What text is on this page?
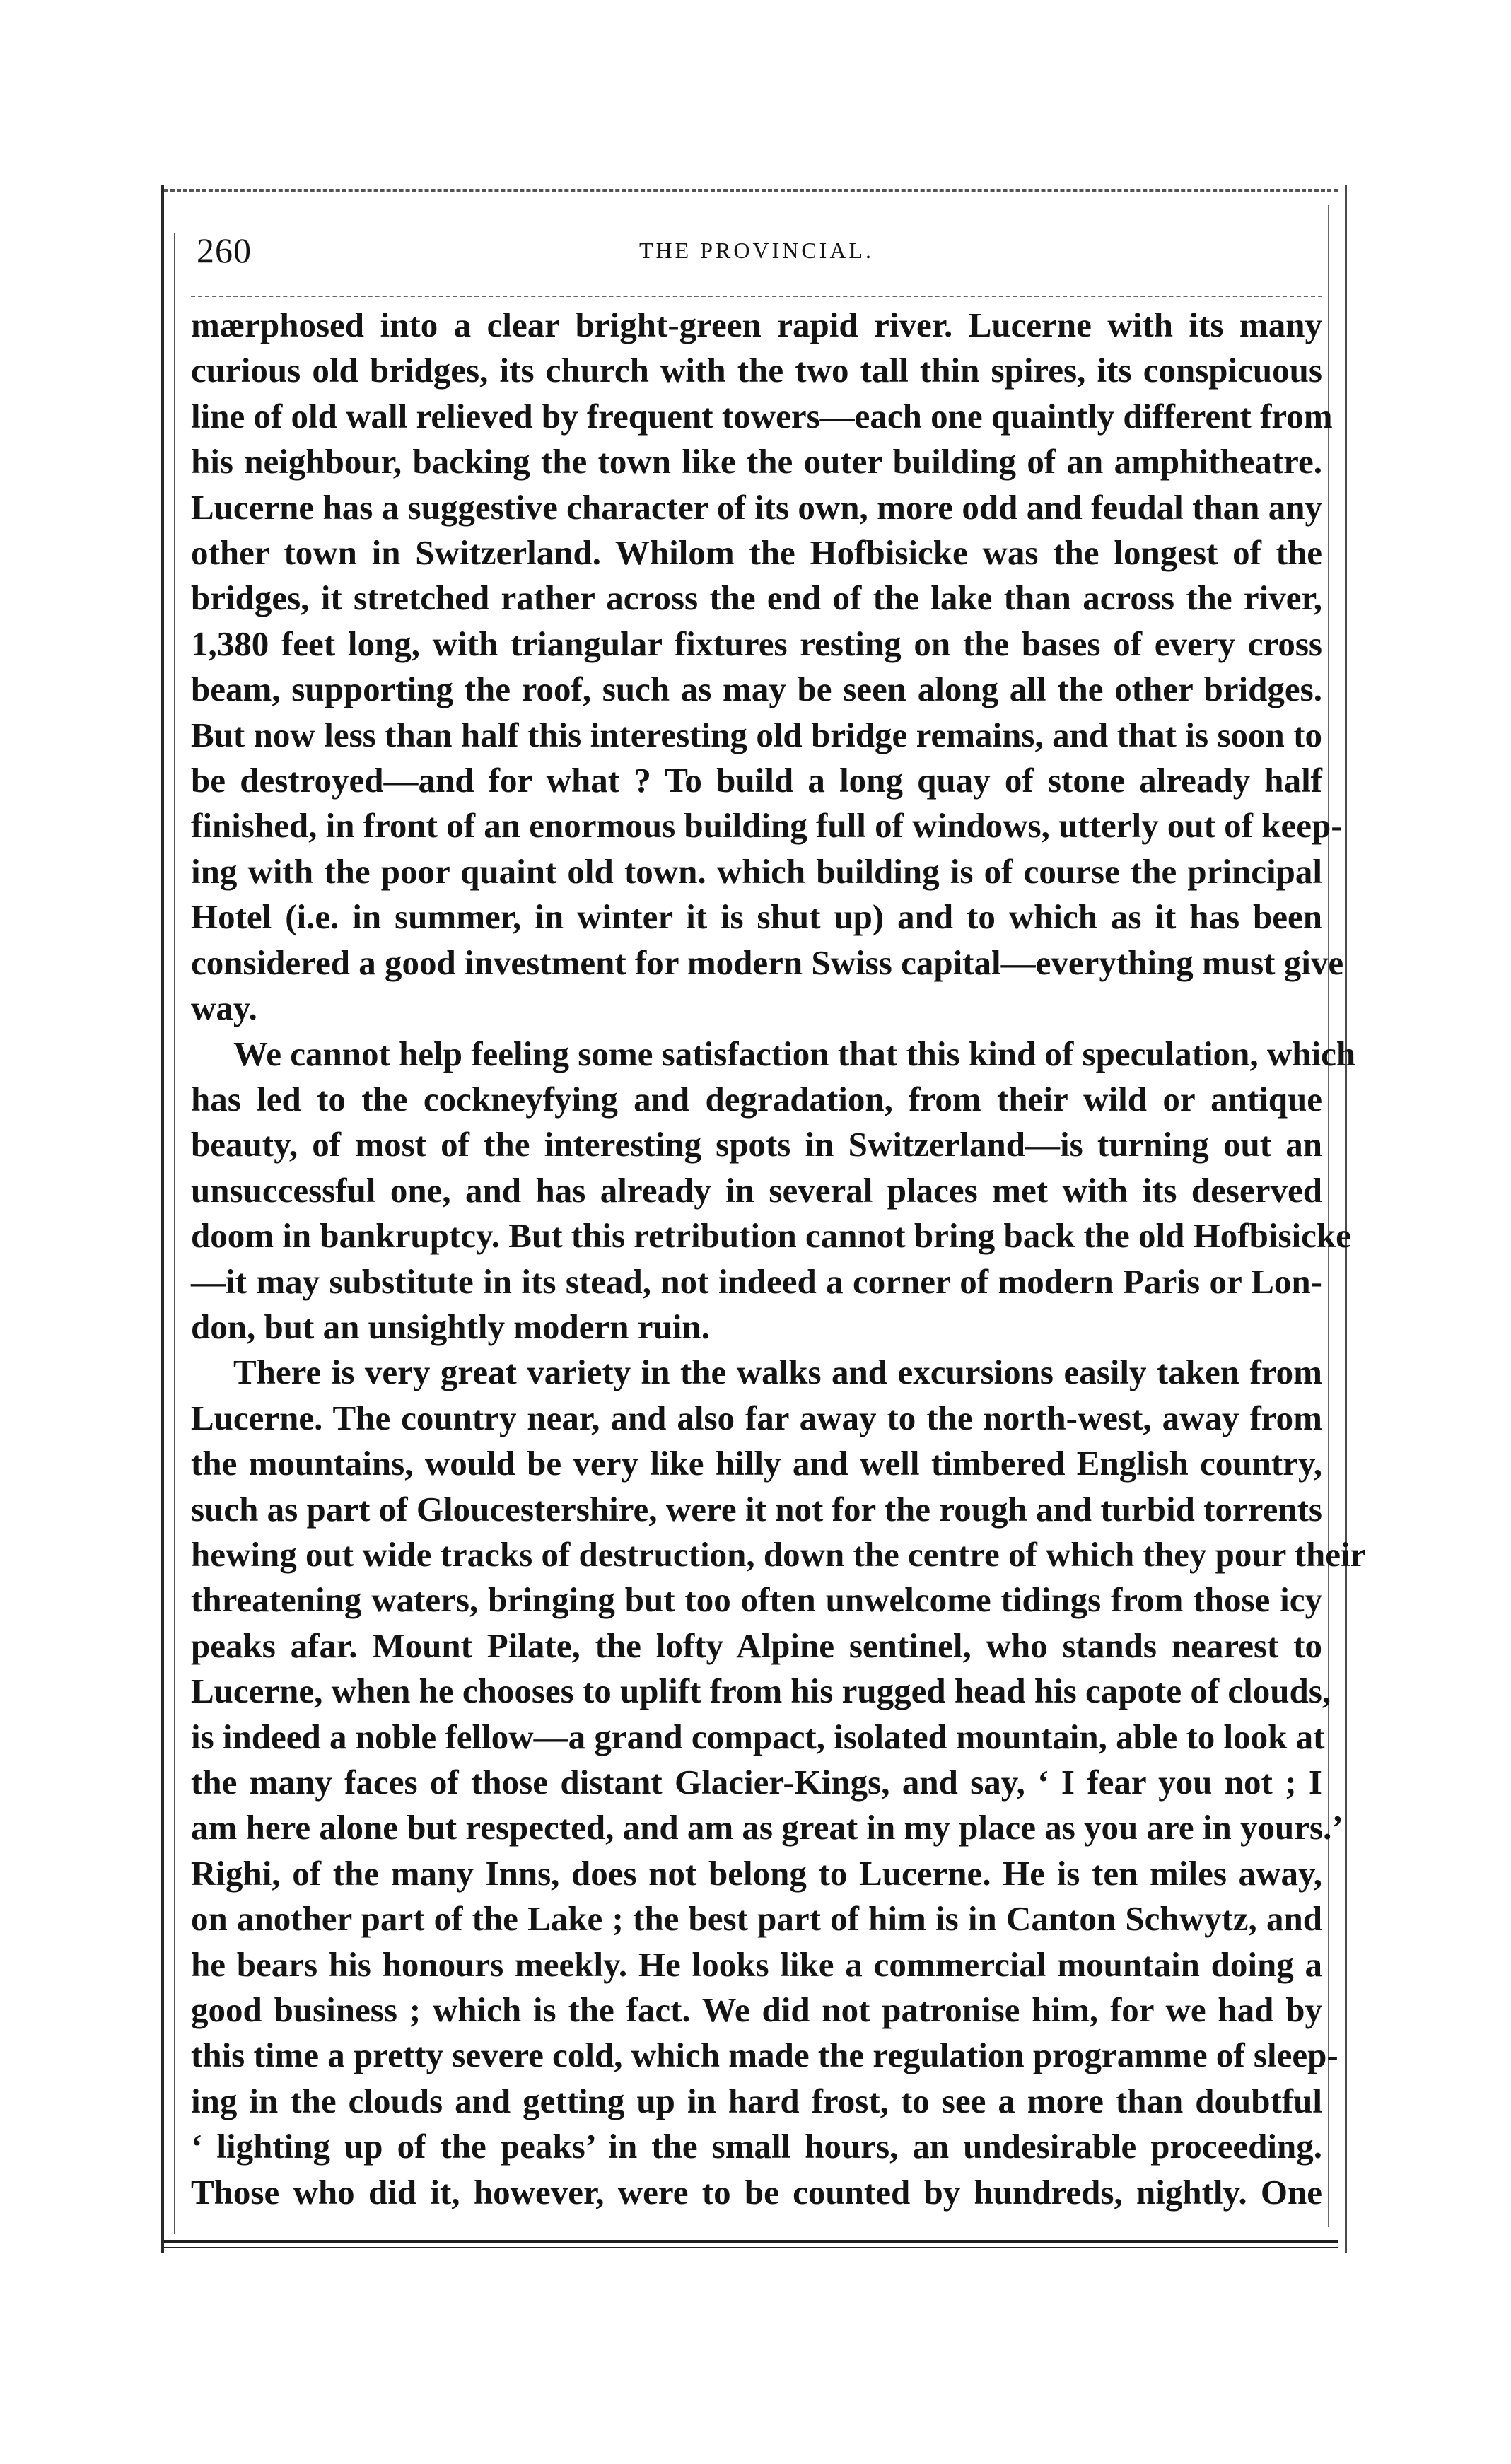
260	THE PROVINCIAL.
mærphosed into a clear bright-green rapid river. Lucerne with its many
curious old bridges, its church with the two tall thin spires, its conspicuous
line of old wall relieved by frequent towers—each one quaintly different from
his neighbour, backing the town like the outer building of an amphitheatre.
Lucerne has a suggestive character of its own, more odd and feudal than any
other town in Switzerland. Whilom the Hofbisicke was the longest of the
bridges, it stretched rather across the end of the lake than across the river,
1,380 feet long, with triangular fixtures resting on the bases of every cross
beam, supporting the roof, such as may be seen along all the other bridges.
But now less than half this interesting old bridge remains, and that is soon to
be destroyed—and for what ? To build a long quay of stone already half
finished, in front of an enormous building full of windows, utterly out of keep-
ing with the poor quaint old town. which building is of course the principal
Hotel (i.e. in summer, in winter it is shut up) and to which as it has been
considered a good investment for modern Swiss capital—everything must give
way.
We cannot help feeling some satisfaction that this kind of speculation, which
has led to the cockneyfying and degradation, from their wild or antique
beauty, of most of the interesting spots in Switzerland—is turning out an
unsuccessful one, and has already in several places met with its deserved
doom in bankruptcy. But this retribution cannot bring back the old Hofbisicke
—it may substitute in its stead, not indeed a corner of modern Paris or Lon-
don, but an unsightly modern ruin.
There is very great variety in the walks and excursions easily taken from
Lucerne. The country near, and also far away to the north-west, away from
the mountains, would be very like hilly and well timbered English country,
such as part of Gloucestershire, were it not for the rough and turbid torrents
hewing out wide tracks of destruction, down the centre of which they pour their
threatening waters, bringing but too often unwelcome tidings from those icy
peaks afar. Mount Pilate, the lofty Alpine sentinel, who stands nearest to
Lucerne, when he chooses to uplift from his rugged head his capote of clouds,
is indeed a noble fellow—a grand compact, isolated mountain, able to look at
the many faces of those distant Glacier-Kings, and say, ‘ I fear you not ; I
am here alone but respected, and am as great in my place as you are in yours.’
Righi, of the many Inns, does not belong to Lucerne. He is ten miles away,
on another part of the Lake ; the best part of him is in Canton Schwytz, and
he bears his honours meekly. He looks like a commercial mountain doing a
good business ; which is the fact. We did not patronise him, for we had by
this time a pretty severe cold, which made the regulation programme of sleep-
ing in the clouds and getting up in hard frost, to see a more than doubtful
‘ lighting up of the peaks’ in the small hours, an undesirable proceeding.
Those who did it, however, were to be counted by hundreds, nightly. One
